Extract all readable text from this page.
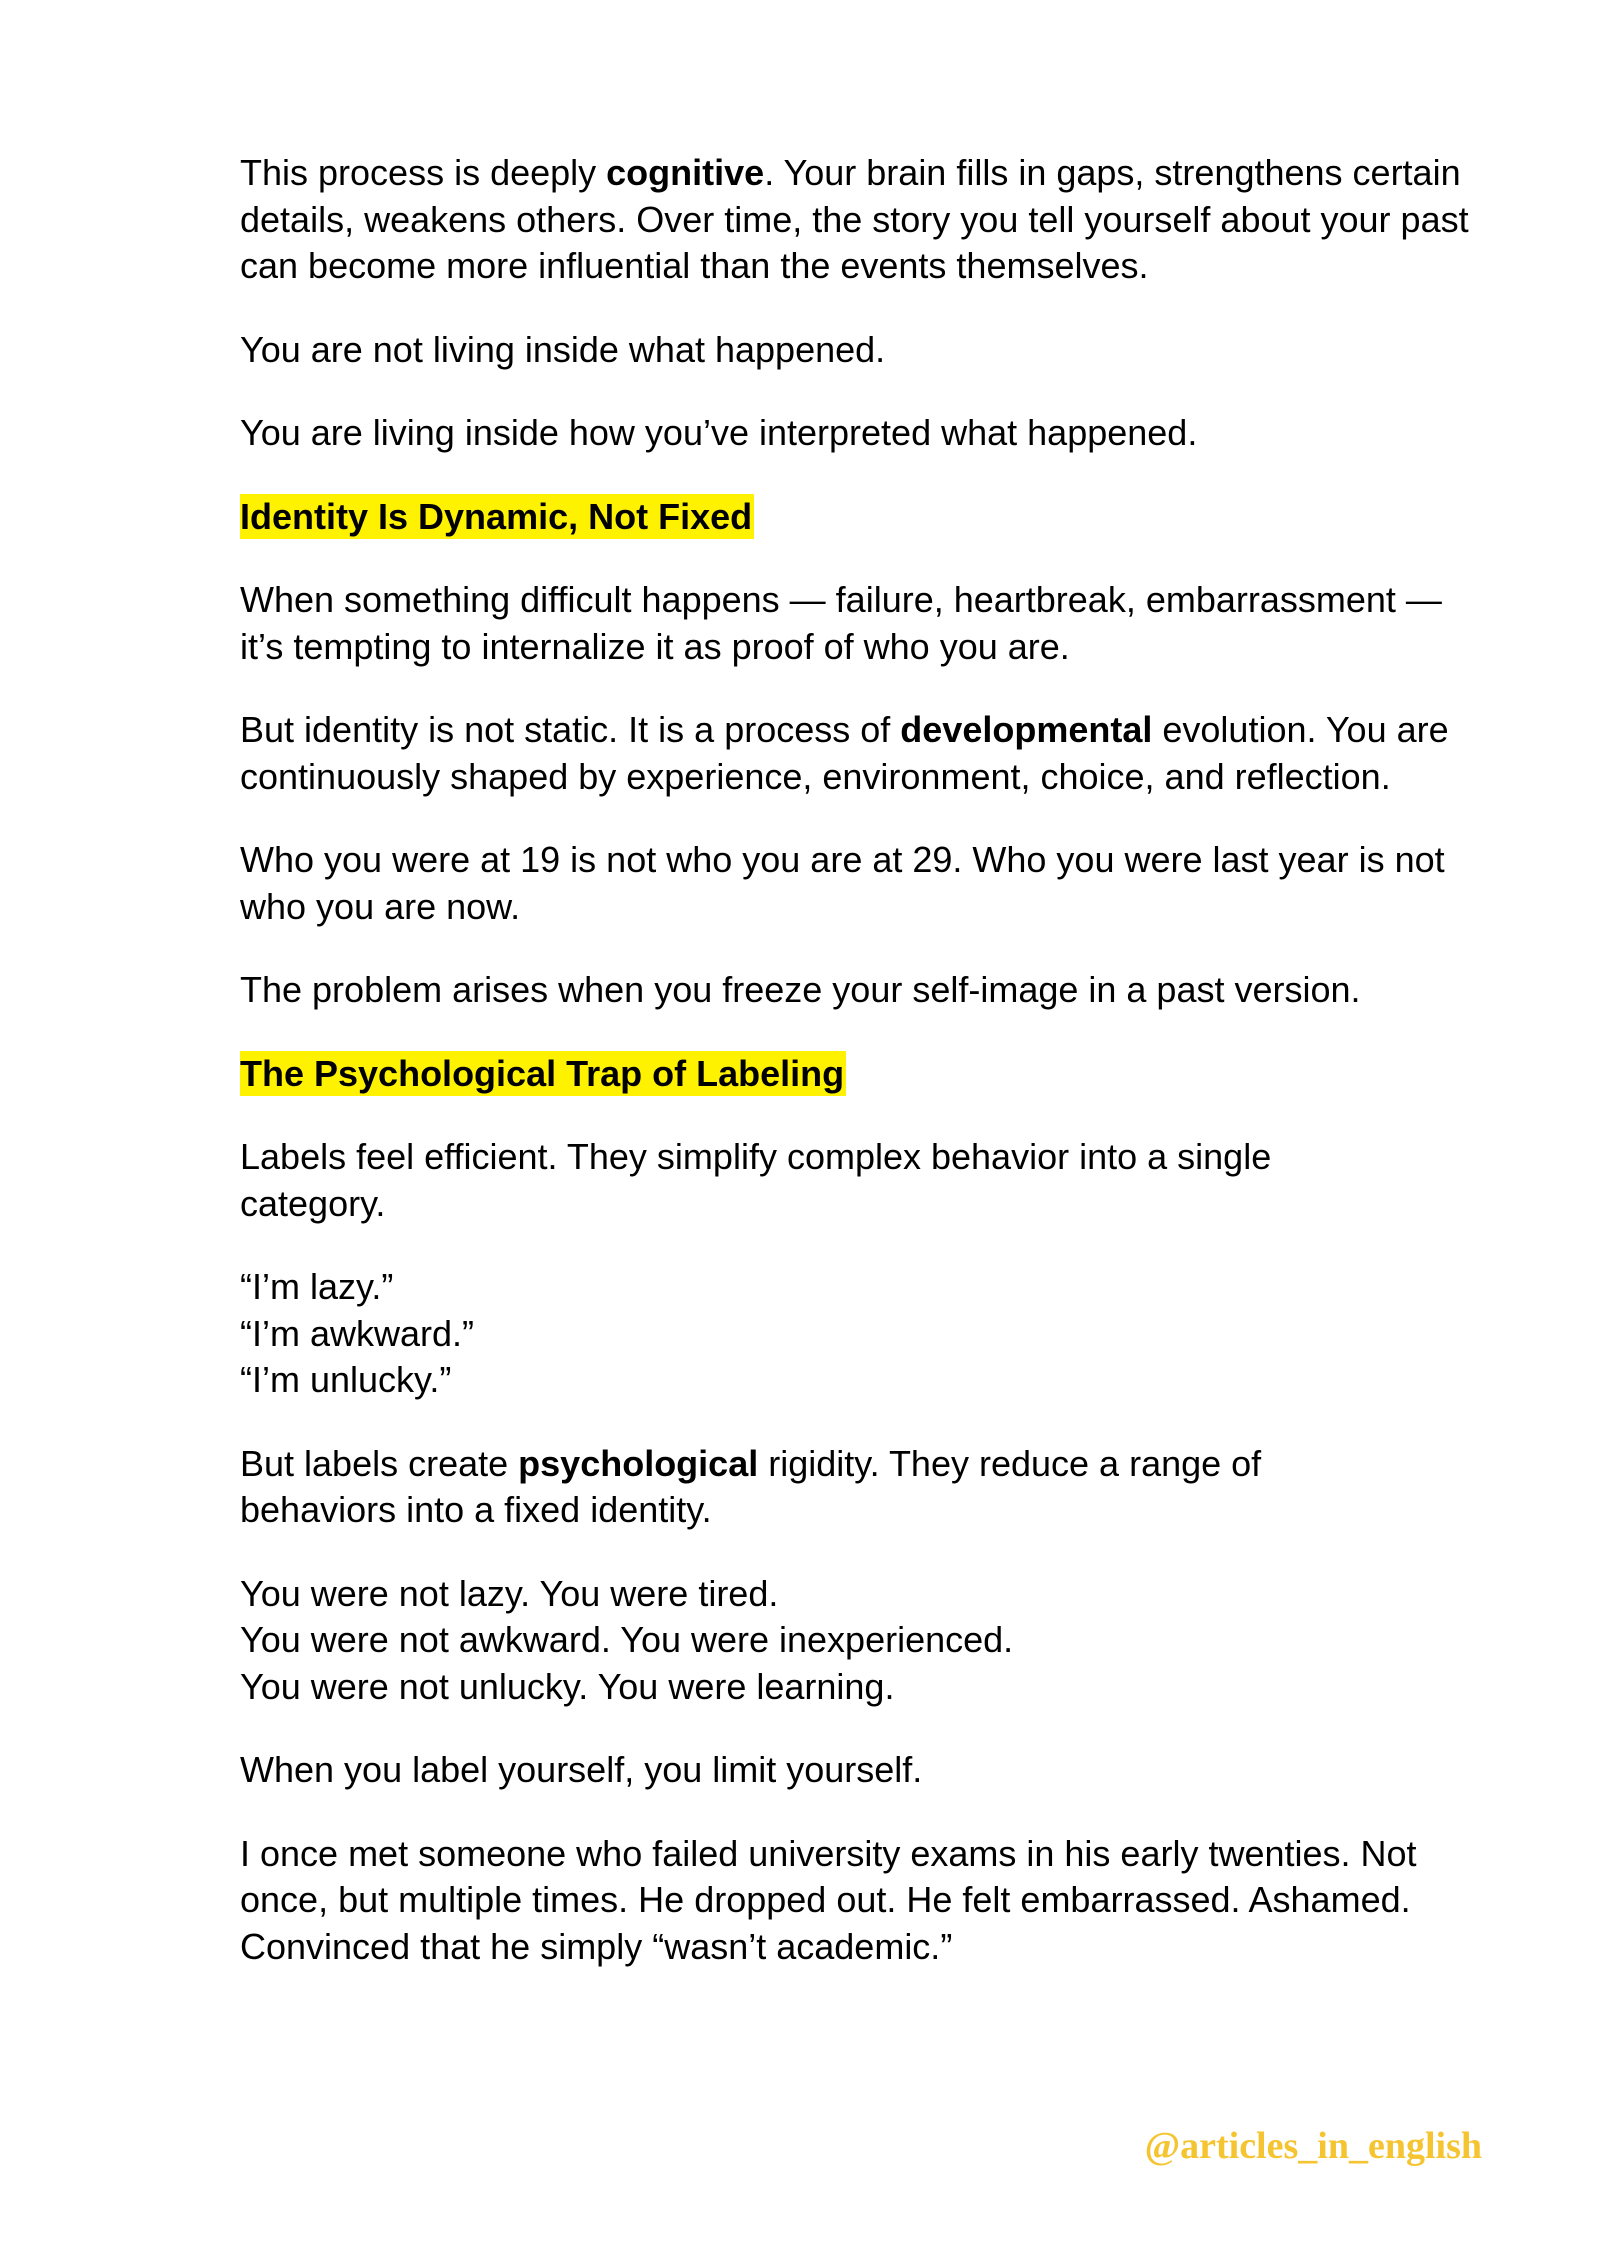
This process is deeply cognitive. Your brain fills in gaps, strengthens certain details, weakens others. Over time, the story you tell yourself about your past can become more influential than the events themselves.

You are not living inside what happened.

You are living inside how you’ve interpreted what happened.

Identity Is Dynamic, Not Fixed

When something difficult happens — failure, heartbreak, embarrassment — it’s tempting to internalize it as proof of who you are.

But identity is not static. It is a process of developmental evolution. You are continuously shaped by experience, environment, choice, and reflection.

Who you were at 19 is not who you are at 29. Who you were last year is not who you are now.

The problem arises when you freeze your self-image in a past version.

The Psychological Trap of Labeling

Labels feel efficient. They simplify complex behavior into a single category.

“I’m lazy.”
“I’m awkward.”
“I’m unlucky.”

But labels create psychological rigidity. They reduce a range of behaviors into a fixed identity.

You were not lazy. You were tired.
You were not awkward. You were inexperienced.
You were not unlucky. You were learning.

When you label yourself, you limit yourself.

I once met someone who failed university exams in his early twenties. Not once, but multiple times. He dropped out. He felt embarrassed. Ashamed. Convinced that he simply “wasn’t academic.”

@articles_in_english
